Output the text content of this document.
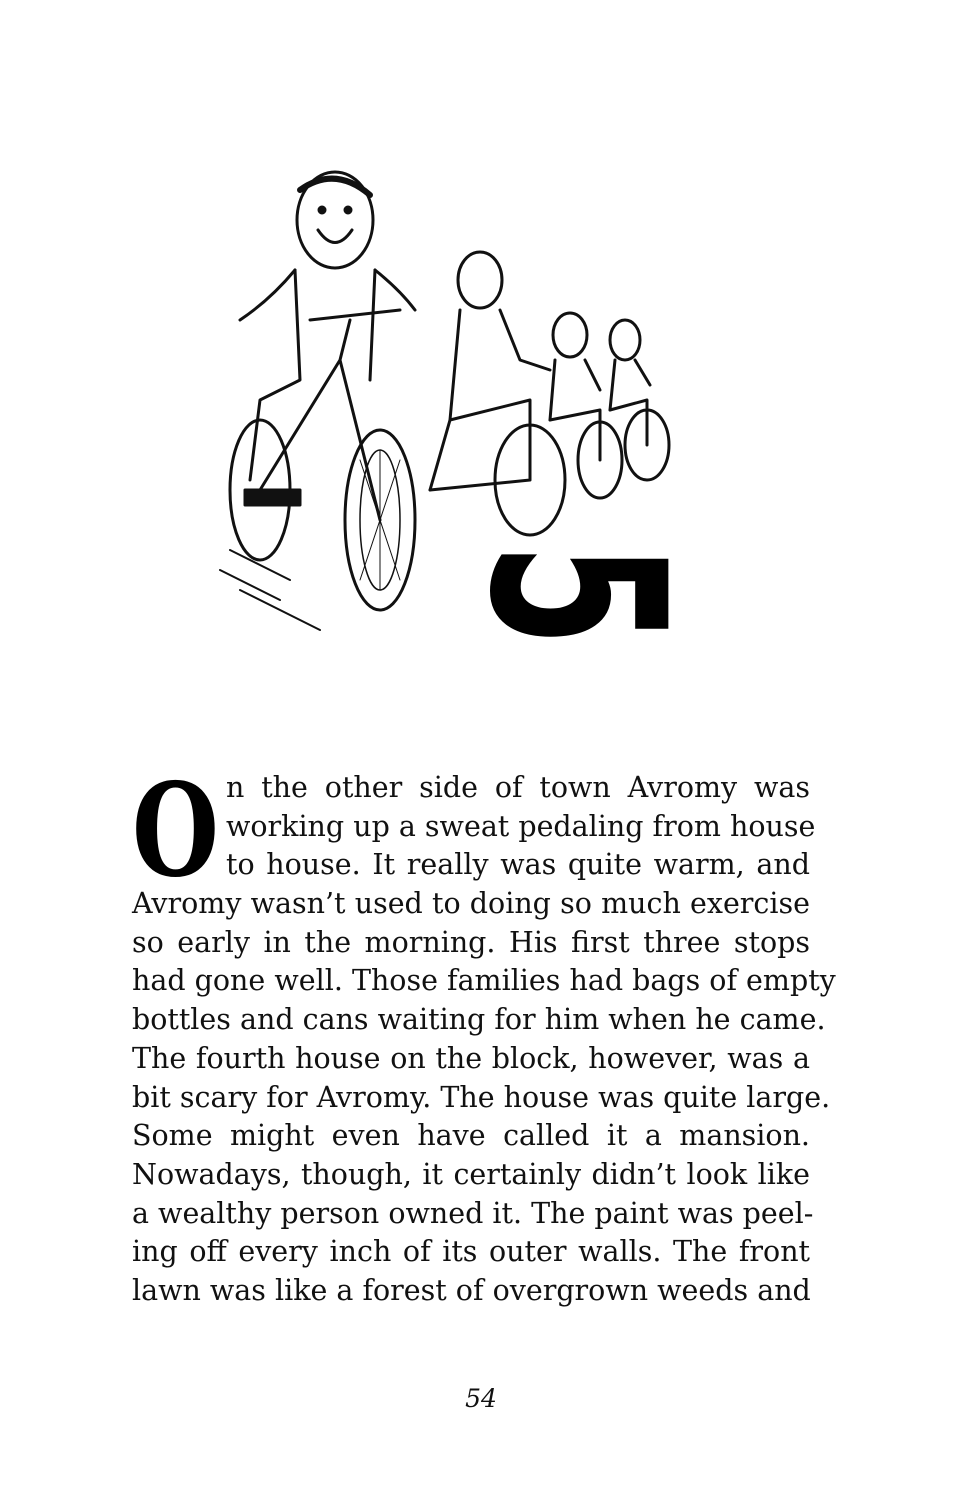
5
O n the other side of town Avromy was
working up a sweat pedaling from house
to house. It really was quite warm, and
Avromy wasn’t used to doing so much exercise
so early in the morning. His first three stops
had gone well. Those families had bags of empty
bottles and cans waiting for him when he came.
The fourth house on the block, however, was a
bit scary for Avromy. The house was quite large.
Some might even have called it a mansion.
Nowadays, though, it certainly didn’t look like
a wealthy person owned it. The paint was peel-
ing off every inch of its outer walls. The front
lawn was like a forest of overgrown weeds and
54
